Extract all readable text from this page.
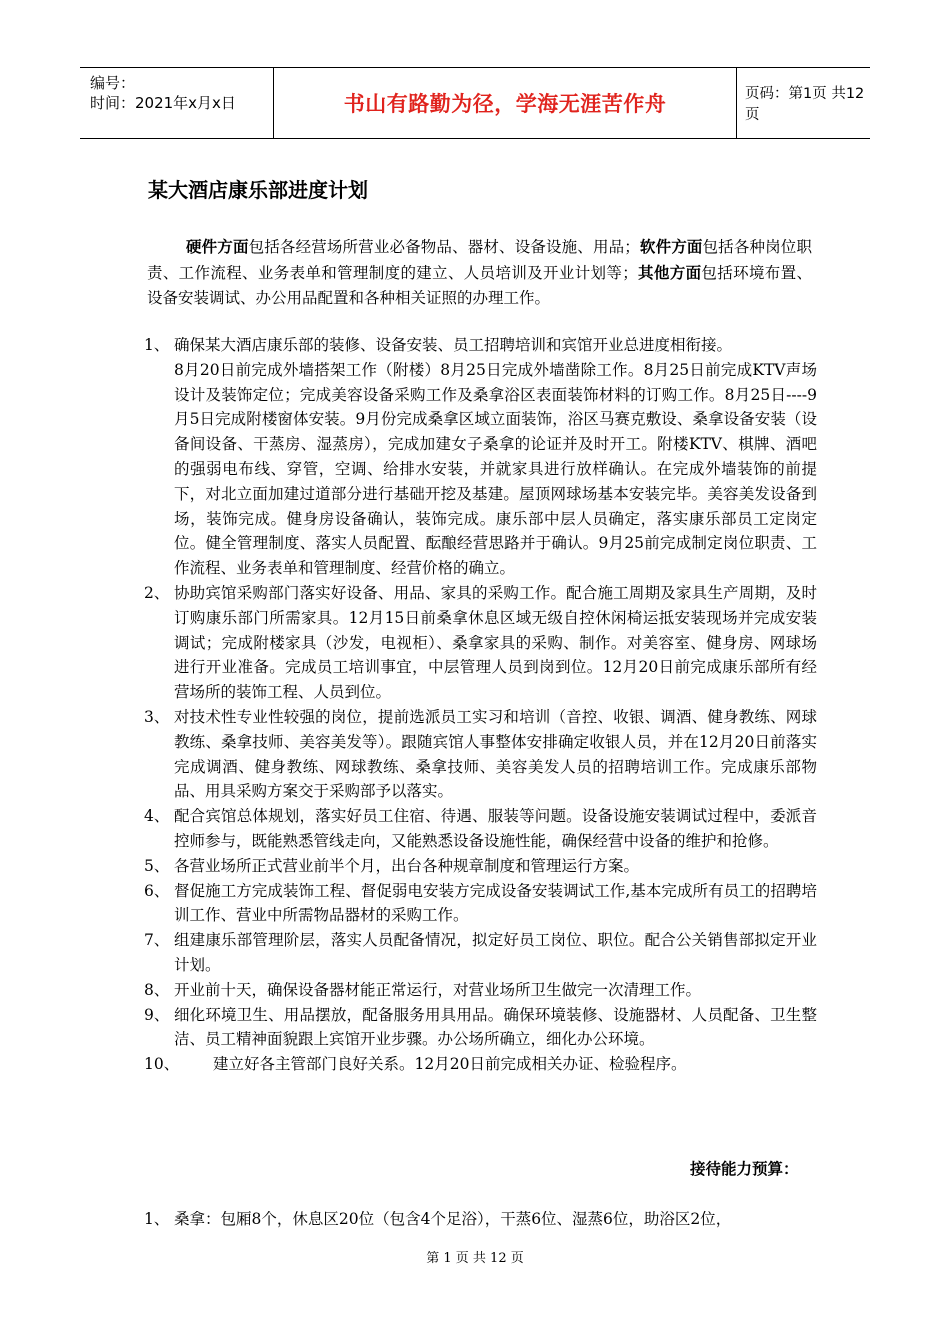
编号：
时间：2021年x月x日	书山有路勤为径，学海无涯苦作舟	页码：第1页 共12页
某大酒店康乐部进度计划
硬件方面包括各经营场所营业必备物品、器材、设备设施、用品；软件方面包括各种岗位职责、工作流程、业务表单和管理制度的建立、人员培训及开业计划等；其他方面包括环境布置、设备安装调试、办公用品配置和各种相关证照的办理工作。
1、 确保某大酒店康乐部的装修、设备安装、员工招聘培训和宾馆开业总进度相衔接。
8月20日前完成外墙搭架工作（附楼）8月25日完成外墙凿除工作。8月25日前完成KTV声场设计及装饰定位；完成美容设备采购工作及桑拿浴区表面装饰材料的订购工作。8月25日----9月5日完成附楼窗体安装。9月份完成桑拿区域立面装饰，浴区马赛克敷设、桑拿设备安装（设备间设备、干蒸房、湿蒸房），完成加建女子桑拿的论证并及时开工。附楼KTV、棋牌、酒吧的强弱电布线、穿管，空调、给排水安装，并就家具进行放样确认。在完成外墙装饰的前提下，对北立面加建过道部分进行基础开挖及基建。屋顶网球场基本安装完毕。美容美发设备到场，装饰完成。健身房设备确认，装饰完成。康乐部中层人员确定，落实康乐部员工定岗定位。健全管理制度、落实人员配置、酝酿经营思路并于确认。9月25前完成制定岗位职责、工作流程、业务表单和管理制度、经营价格的确立。
2、 协助宾馆采购部门落实好设备、用品、家具的采购工作。配合施工周期及家具生产周期，及时订购康乐部门所需家具。12月15日前桑拿休息区域无级自控休闲椅运抵安装现场并完成安装调试；完成附楼家具（沙发，电视柜）、桑拿家具的采购、制作。对美容室、健身房、网球场进行开业准备。完成员工培训事宜，中层管理人员到岗到位。12月20日前完成康乐部所有经营场所的装饰工程、人员到位。
3、 对技术性专业性较强的岗位，提前选派员工实习和培训（音控、收银、调酒、健身教练、网球教练、桑拿技师、美容美发等）。跟随宾馆人事整体安排确定收银人员，并在12月20日前落实完成调酒、健身教练、网球教练、桑拿技师、美容美发人员的招聘培训工作。完成康乐部物品、用具采购方案交于采购部予以落实。
4、 配合宾馆总体规划，落实好员工住宿、待遇、服装等问题。设备设施安装调试过程中，委派音控师参与，既能熟悉管线走向，又能熟悉设备设施性能，确保经营中设备的维护和抢修。
5、 各营业场所正式营业前半个月，出台各种规章制度和管理运行方案。
6、 督促施工方完成装饰工程、督促弱电安装方完成设备安装调试工作,基本完成所有员工的招聘培训工作、营业中所需物品器材的采购工作。
7、 组建康乐部管理阶层，落实人员配备情况，拟定好员工岗位、职位。配合公关销售部拟定开业计划。
8、 开业前十天，确保设备器材能正常运行，对营业场所卫生做完一次清理工作。
9、 细化环境卫生、用品摆放，配备服务用具用品。确保环境装修、设施器材、人员配备、卫生整洁、员工精神面貌跟上宾馆开业步骤。办公场所确立，细化办公环境。
10、 建立好各主管部门良好关系。12月20日前完成相关办证、检验程序。
接待能力预算：
1、 桑拿：包厢8个，休息区20位（包含4个足浴），干蒸6位、湿蒸6位，助浴区2位，
第 1 页 共 12 页
